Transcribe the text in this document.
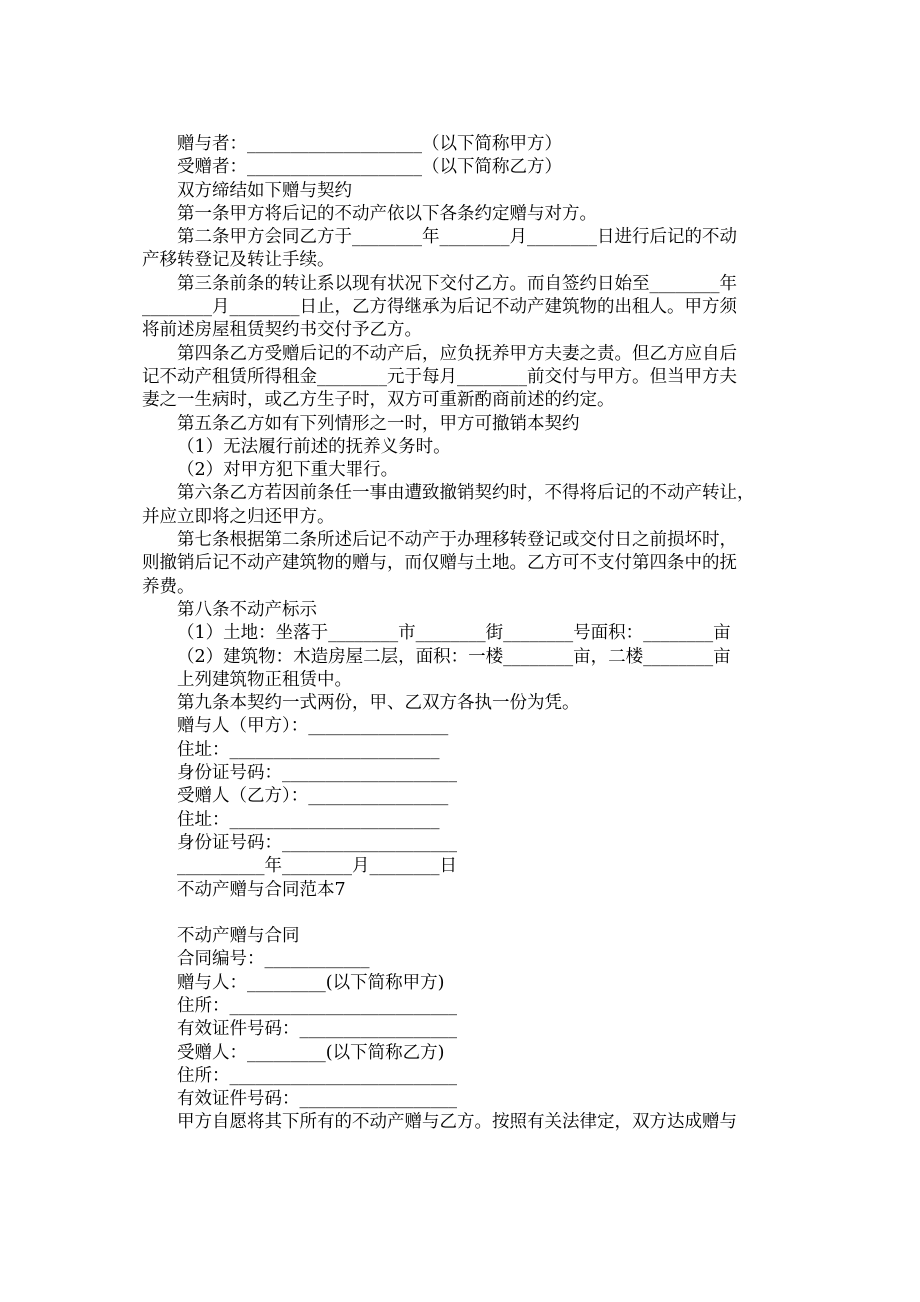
赠与者：____________________（以下简称甲方）
受赠者：____________________（以下简称乙方）
双方缔结如下赠与契约
第一条甲方将后记的不动产依以下各条约定赠与对方。
第二条甲方会同乙方于________年________月________日进行后记的不动
产移转登记及转让手续。
第三条前条的转让系以现有状况下交付乙方。而自签约日始至________年
________月________日止，乙方得继承为后记不动产建筑物的出租人。甲方须
将前述房屋租赁契约书交付予乙方。
第四条乙方受赠后记的不动产后，应负抚养甲方夫妻之责。但乙方应自后
记不动产租赁所得租金________元于每月________前交付与甲方。但当甲方夫
妻之一生病时，或乙方生子时，双方可重新酌商前述的约定。
第五条乙方如有下列情形之一时，甲方可撤销本契约
（1）无法履行前述的抚养义务时。
（2）对甲方犯下重大罪行。
第六条乙方若因前条任一事由遭致撤销契约时，不得将后记的不动产转让，
并应立即将之归还甲方。
第七条根据第二条所述后记不动产于办理移转登记或交付日之前损坏时，
则撤销后记不动产建筑物的赠与，而仅赠与土地。乙方可不支付第四条中的抚
养费。
第八条不动产标示
（1）土地：坐落于________市________街________号面积：________亩
（2）建筑物：木造房屋二层，面积：一楼________亩，二楼________亩
上列建筑物正租赁中。
第九条本契约一式两份，甲、乙双方各执一份为凭。
赠与人（甲方）：________________
住址：________________________
身份证号码：____________________
受赠人（乙方）：________________
住址：________________________
身份证号码：____________________
__________年________月________日
不动产赠与合同范本7
不动产赠与合同
合同编号：____________
赠与人：_________(以下简称甲方)
住所：__________________________
有效证件号码：__________________
受赠人：_________(以下简称乙方)
住所：__________________________
有效证件号码：__________________
甲方自愿将其下所有的不动产赠与乙方。按照有关法律定，双方达成赠与
